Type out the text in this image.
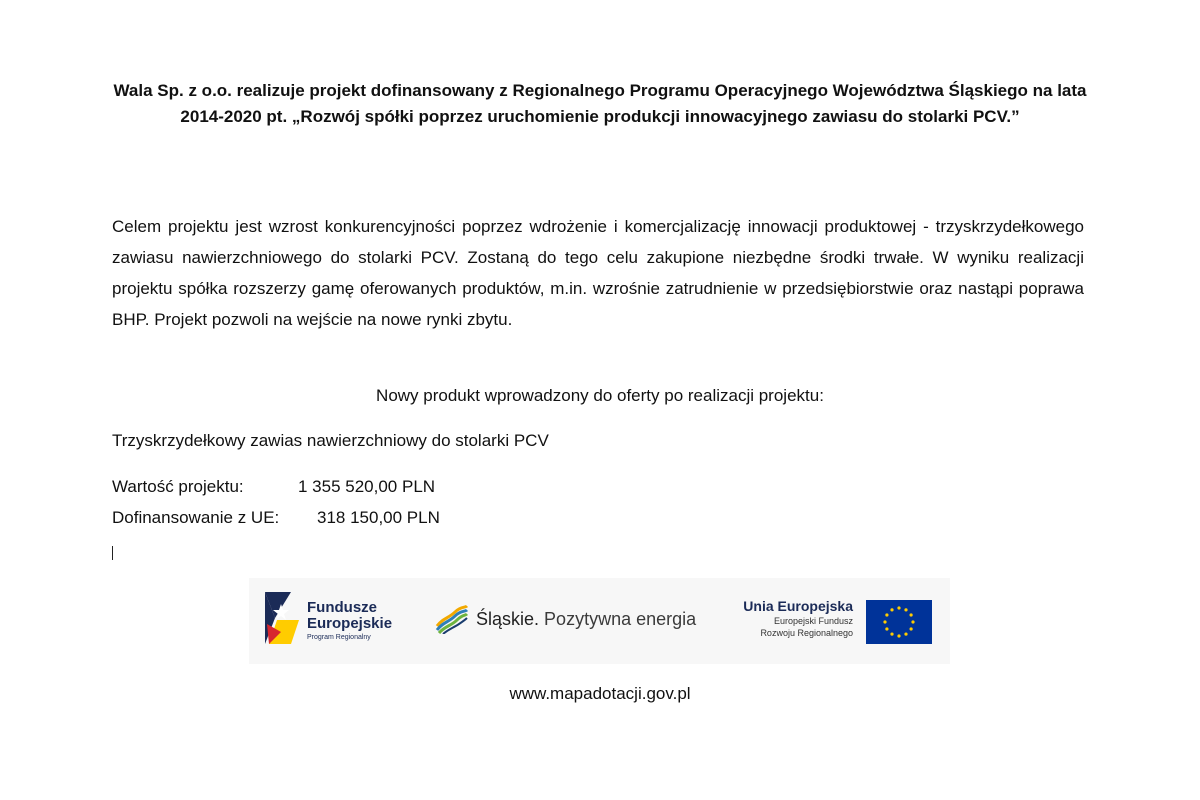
Wala Sp. z o.o. realizuje projekt dofinansowany z Regionalnego Programu Operacyjnego Województwa Śląskiego na lata 2014-2020 pt. „Rozwój spółki poprzez uruchomienie produkcji innowacyjnego zawiasu do stolarki PCV.”

Celem projektu jest wzrost konkurencyjności poprzez wdrożenie i komercjalizację innowacji produktowej - trzyskrzydełkowego zawiasu nawierzchniowego do stolarki PCV. Zostaną do tego celu zakupione niezbędne środki trwałe. W wyniku realizacji projektu spółka rozszerzy gamę oferowanych produktów, m.in. wzrośnie zatrudnienie w przedsiębiorstwie oraz nastąpi poprawa BHP. Projekt pozwoli na wejście na nowe rynki zbytu.

Nowy produkt wprowadzony do oferty po realizacji projektu:

Trzyskrzydełkowy zawias nawierzchniowy do stolarki PCV

Wartość projektu:	1 355 520,00 PLN
Dofinansowanie z UE: 318 150,00 PLN
Fundusze
Europejskie
Program Regionalny
Śląskie. Pozytywna energia
Unia Europejska
Europejski Fundusz
Rozwoju Regionalnego
www.mapadotacji.gov.pl
